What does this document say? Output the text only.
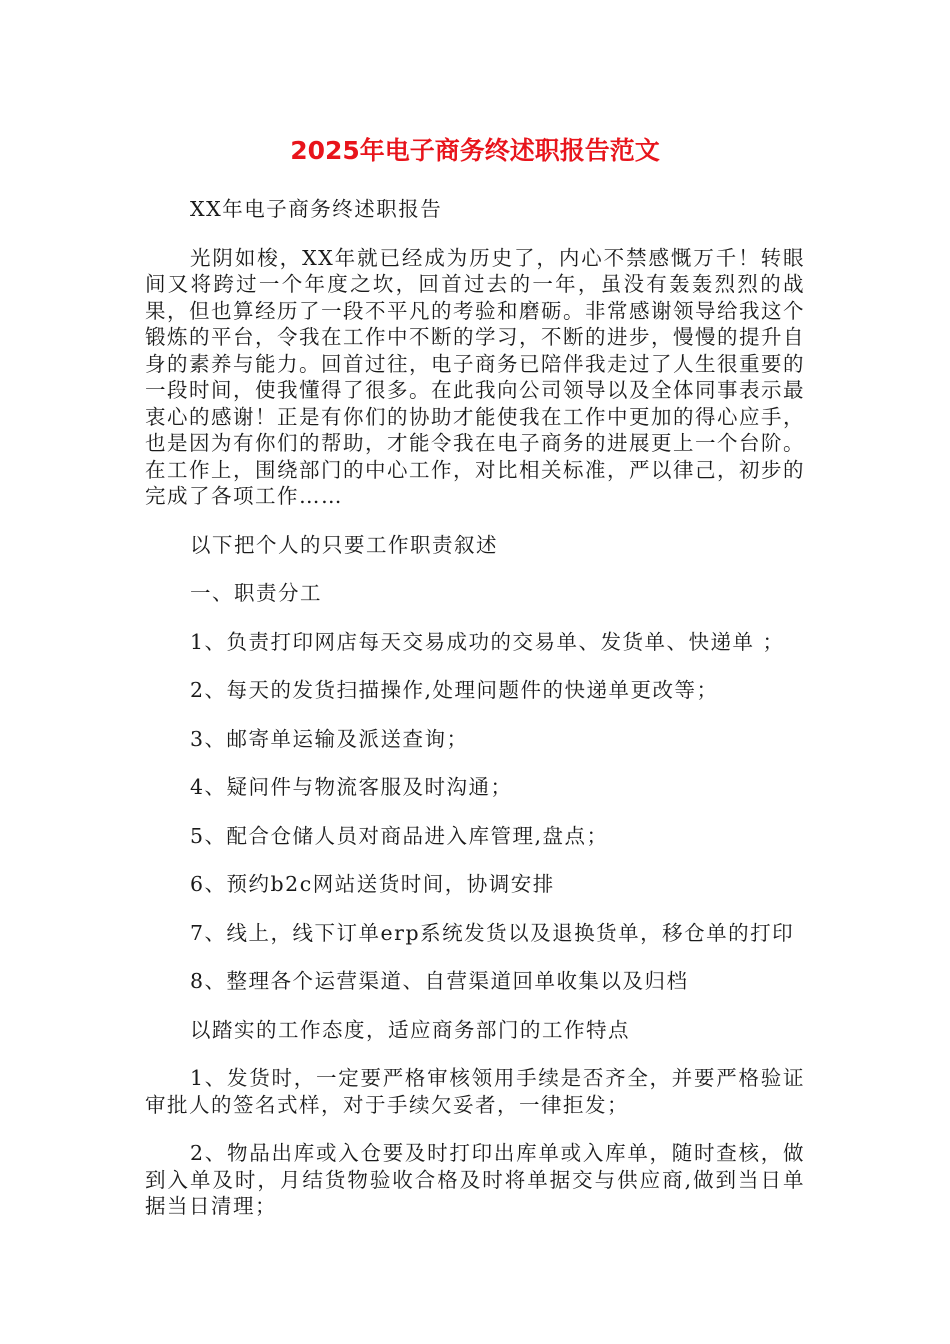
2025年电子商务终述职报告范文

XX年电子商务终述职报告

光阴如梭，XX年就已经成为历史了，内心不禁感慨万千！转眼间又将跨过一个年度之坎，回首过去的一年，虽没有轰轰烈烈的战果，但也算经历了一段不平凡的考验和磨砺。非常感谢领导给我这个锻炼的平台，令我在工作中不断的学习，不断的进步，慢慢的提升自身的素养与能力。回首过往，电子商务已陪伴我走过了人生很重要的一段时间，使我懂得了很多。在此我向公司领导以及全体同事表示最衷心的感谢！正是有你们的协助才能使我在工作中更加的得心应手，也是因为有你们的帮助，才能令我在电子商务的进展更上一个台阶。在工作上，围绕部门的中心工作，对比相关标准，严以律己，初步的完成了各项工作……

以下把个人的只要工作职责叙述

一、职责分工

1、负责打印网店每天交易成功的交易单、发货单、快递单 ；

2、每天的发货扫描操作,处理问题件的快递单更改等；

3、邮寄单运输及派送查询；

4、疑问件与物流客服及时沟通；

5、配合仓储人员对商品进入库管理,盘点；

6、预约b2c网站送货时间，协调安排

7、线上，线下订单erp系统发货以及退换货单，移仓单的打印

8、整理各个运营渠道、自营渠道回单收集以及归档

以踏实的工作态度，适应商务部门的工作特点

1、发货时，一定要严格审核领用手续是否齐全，并要严格验证审批人的签名式样，对于手续欠妥者，一律拒发；

2、物品出库或入仓要及时打印出库单或入库单，随时查核，做到入单及时，月结货物验收合格及时将单据交与供应商,做到当日单据当日清理；
